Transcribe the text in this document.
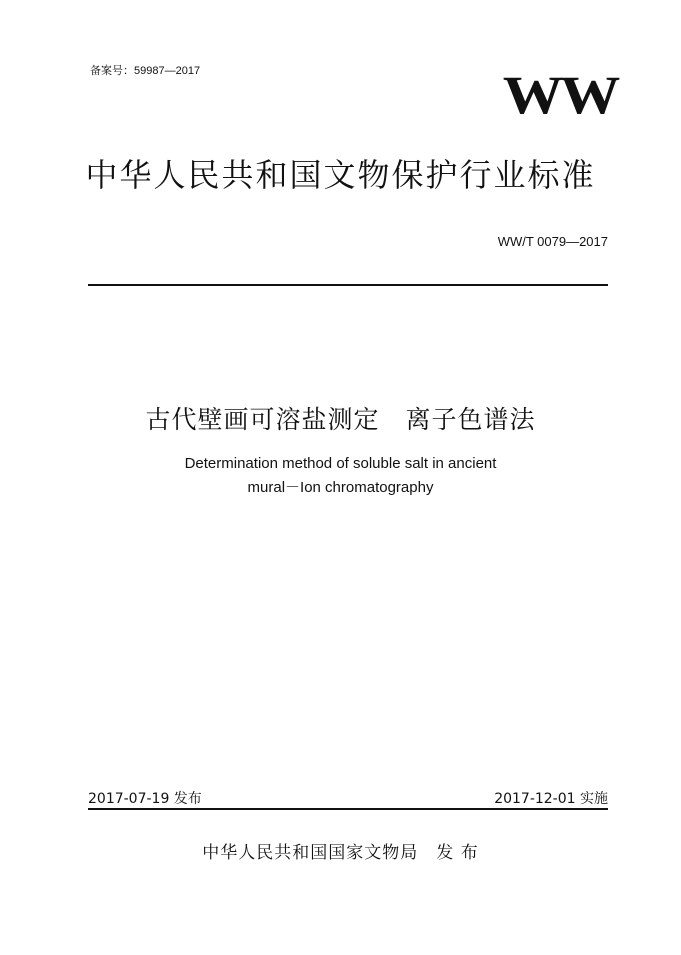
备案号：59987—2017	WW
中华人民共和国文物保护行业标准
WW/T 0079—2017
古代壁画可溶盐测定　离子色谱法
Determination method of soluble salt in ancient
mural－Ion chromatography
2017-07-19 发布	2017-12-01 实施
中华人民共和国国家文物局　发 布
